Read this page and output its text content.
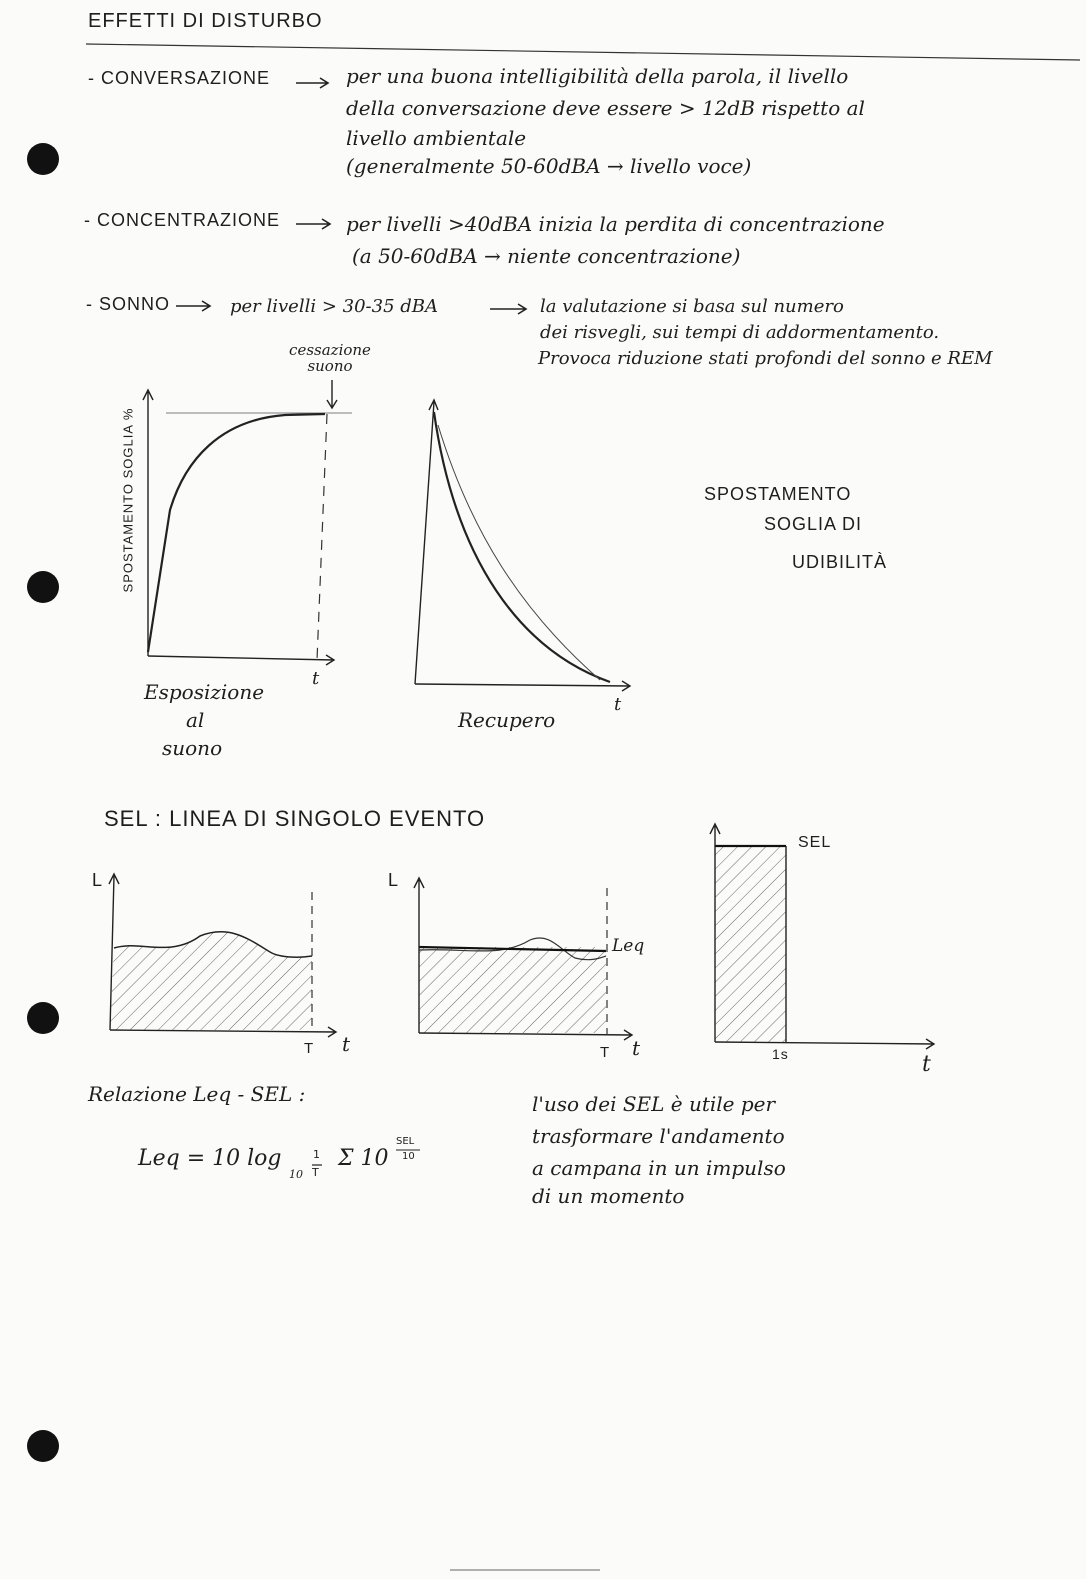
EFFETTI DI DISTURBO
- CONVERSAZIONE	per una buona intelligibilità della parola, il livello
della conversazione deve essere > 12dB rispetto al
livello ambientale
(generalmente 50-60dBA → livello voce)
- CONCENTRAZIONE	per livelli >40dBA inizia la perdita di concentrazione
(a 50-60dBA → niente concentrazione)
- SONNO	per livelli > 30-35 dBA	la valutazione si basa sul numero
dei risvegli, sui tempi di addormentamento.
Provoca riduzione stati profondi del sonno e REM
SPOSTAMENTO SOGLIA %
cessazione suono
t
Esposizione
al
suono
t
Recupero
SPOSTAMENTO
SOGLIA DI
UDIBILITÀ
SEL : LINEA DI SINGOLO EVENTO
L
T t
L
Leq
T t
SEL
1s	t
Relazione Leq - SEL :
Leq = 10 log
10
1
T
Σ 10
SEL
10
l'uso dei SEL è utile per
trasformare l'andamento
a campana in un impulso
di un momento
